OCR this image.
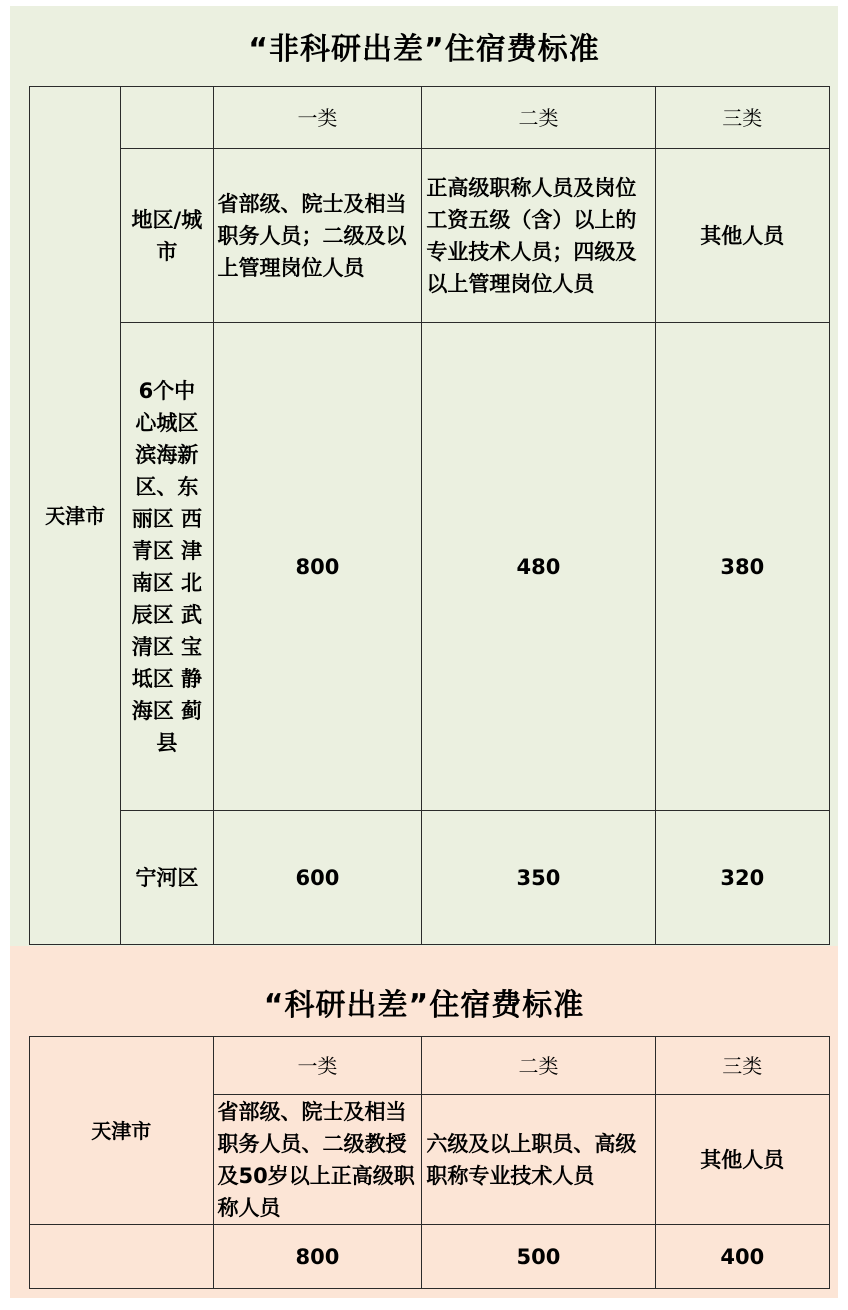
“非科研出差”住宿费标准
天津市		一类	二类	三类

	地区/城市	省部级、院士及相当职务人员；二级及以上管理岗位人员	正高级职称人员及岗位工资五级（含）以上的专业技术人员；四级及以上管理岗位人员	其他人员

	6个中心城区 滨海新区、东丽区 西青区 津南区 北辰区 武清区 宝坻区 静海区 蓟县	800	480	380
	宁河区	600	350	320
“科研出差”住宿费标准
天津市	一类	二类	三类
	省部级、院士及相当职务人员、二级教授及50岁以上正高级职称人员	六级及以上职员、高级职称专业技术人员	其他人员
	800	500	400
